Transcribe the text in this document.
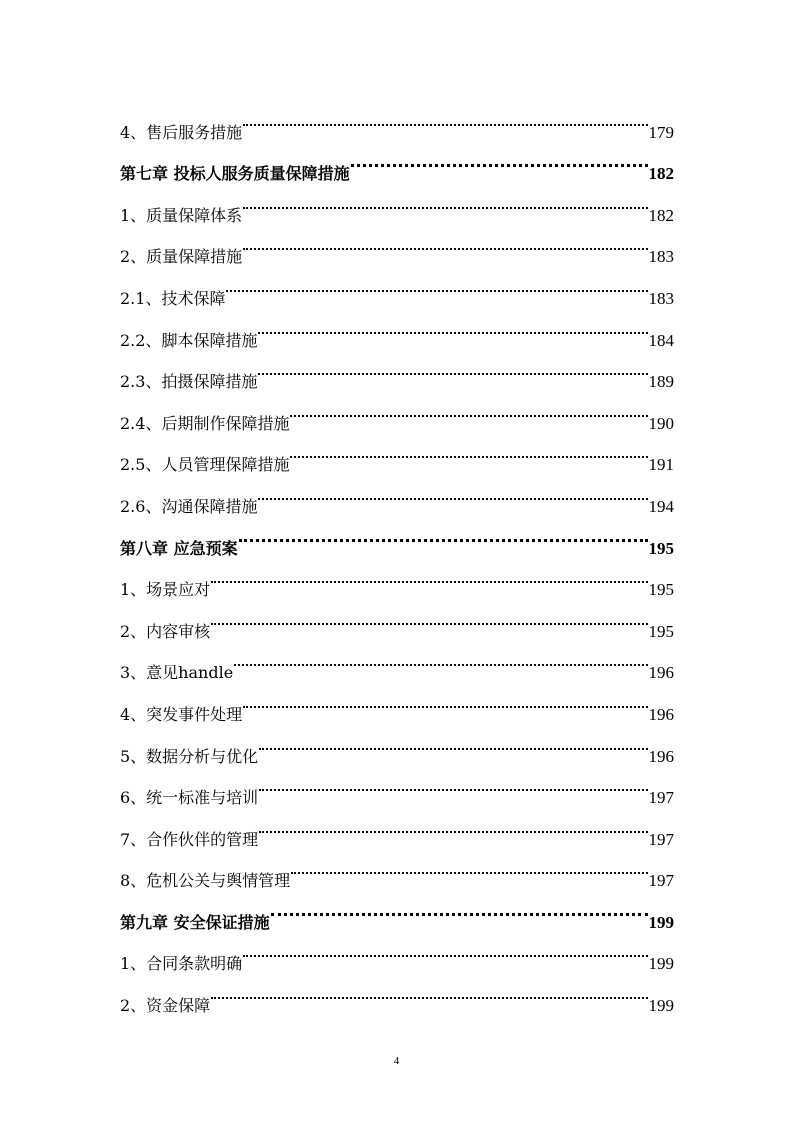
4、售后服务措施	179
第七章 投标人服务质量保障措施	182
1、质量保障体系	182
2、质量保障措施	183
2.1、技术保障	183
2.2、脚本保障措施	184
2.3、拍摄保障措施	189
2.4、后期制作保障措施	190
2.5、人员管理保障措施	191
2.6、沟通保障措施	194
第八章 应急预案	195
1、场景应对	195
2、内容审核	195
3、意见handle	196
4、突发事件处理	196
5、数据分析与优化	196
6、统一标准与培训	197
7、合作伙伴的管理	197
8、危机公关与舆情管理	197
第九章 安全保证措施	199
1、合同条款明确	199
2、资金保障	199
4
